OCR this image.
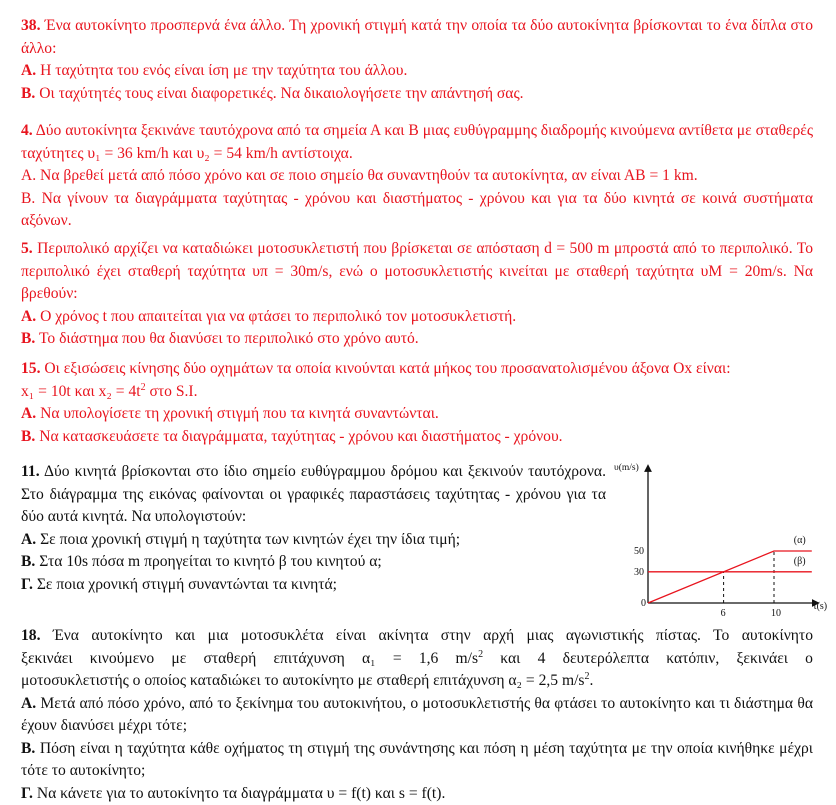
38. Ένα αυτοκίνητο προσπερνά ένα άλλο. Τη χρονική στιγμή κατά την οποία τα δύο αυτοκίνητα βρίσκονται το ένα δίπλα στο άλλο:
Α. Η ταχύτητα του ενός είναι ίση με την ταχύτητα του άλλου.
Β. Οι ταχύτητές τους είναι διαφορετικές. Να δικαιολογήσετε την απάντησή σας.
4. Δύο αυτοκίνητα ξεκινάνε ταυτόχρονα από τα σημεία Α και Β μιας ευθύγραμμης διαδρομής κινούμενα αντίθετα με σταθερές ταχύτητες υ₁ = 36 km/h και υ₂ = 54 km/h αντίστοιχα.
Α. Να βρεθεί μετά από πόσο χρόνο και σε ποιο σημείο θα συναντηθούν τα αυτοκίνητα, αν είναι ΑΒ = 1 km.
Β. Να γίνουν τα διαγράμματα ταχύτητας - χρόνου και διαστήματος - χρόνου και για τα δύο κινητά σε κοινά συστήματα αξόνων.
5. Περιπολικό αρχίζει να καταδιώκει μοτοσυκλετιστή που βρίσκεται σε απόσταση d = 500 m μπροστά από το περιπολικό. Το περιπολικό έχει σταθερή ταχύτητα υπ = 30m/s, ενώ ο μοτοσυκλετιστής κινείται με σταθερή ταχύτητα υΜ = 20m/s. Να βρεθούν:
Α. Ο χρόνος t που απαιτείται για να φτάσει το περιπολικό τον μοτοσυκλετιστή.
Β. Το διάστημα που θα διανύσει το περιπολικό στο χρόνο αυτό.
15. Οι εξισώσεις κίνησης δύο οχημάτων τα οποία κινούνται κατά μήκος του προσανατολισμένου άξονα Οx είναι:
x₁ = 10t και $x_2 = 4t^2$ στο S.I.
Α. Να υπολογίσετε τη χρονική στιγμή που τα κινητά συναντώνται.
Β. Να κατασκευάσετε τα διαγράμματα, ταχύτητας - χρόνου και διαστήματος - χρόνου.
11. Δύο κινητά βρίσκονται στο ίδιο σημείο ευθύγραμμου δρόμου και ξεκινούν ταυτόχρονα. Στο διάγραμμα της εικόνας φαίνονται οι γραφικές παραστάσεις ταχύτητας - χρόνου για τα δύο αυτά κινητά. Να υπολογιστούν:
Α. Σε ποια χρονική στιγμή η ταχύτητα των κινητών έχει την ίδια τιμή;
Β. Στα 10s πόσα m προηγείται το κινητό β του κινητού α;
Γ. Σε ποια χρονική στιγμή συναντώνται τα κινητά;
(α)
(β)
υ(m/s)
t(s)
0
6	10
30
50
18. Ένα αυτοκίνητο και μια μοτοσυκλέτα είναι ακίνητα στην αρχή μιας αγωνιστικής πίστας. Το αυτοκίνητο
ξεκινάει κινούμενο με σταθερή επιτάχυνση α₁ = 1,6 $m/s^2$ και 4 δευτερόλεπτα κατόπιν, ξεκινάει ο
μοτοσυκλετιστής ο οποίος καταδιώκει το αυτοκίνητο με σταθερή επιτάχυνση α₂ = 2,5 $m/s^2$.
Α. Μετά από πόσο χρόνο, από το ξεκίνημα του αυτοκινήτου, ο μοτοσυκλετιστής θα φτάσει το αυτοκίνητο και τι διάστημα θα έχουν διανύσει μέχρι τότε;
Β. Πόση είναι η ταχύτητα κάθε οχήματος τη στιγμή της συνάντησης και πόση η μέση ταχύτητα με την οποία κινήθηκε μέχρι τότε το αυτοκίνητο;
Γ. Να κάνετε για το αυτοκίνητο τα διαγράμματα υ = f(t) και s = f(t).
